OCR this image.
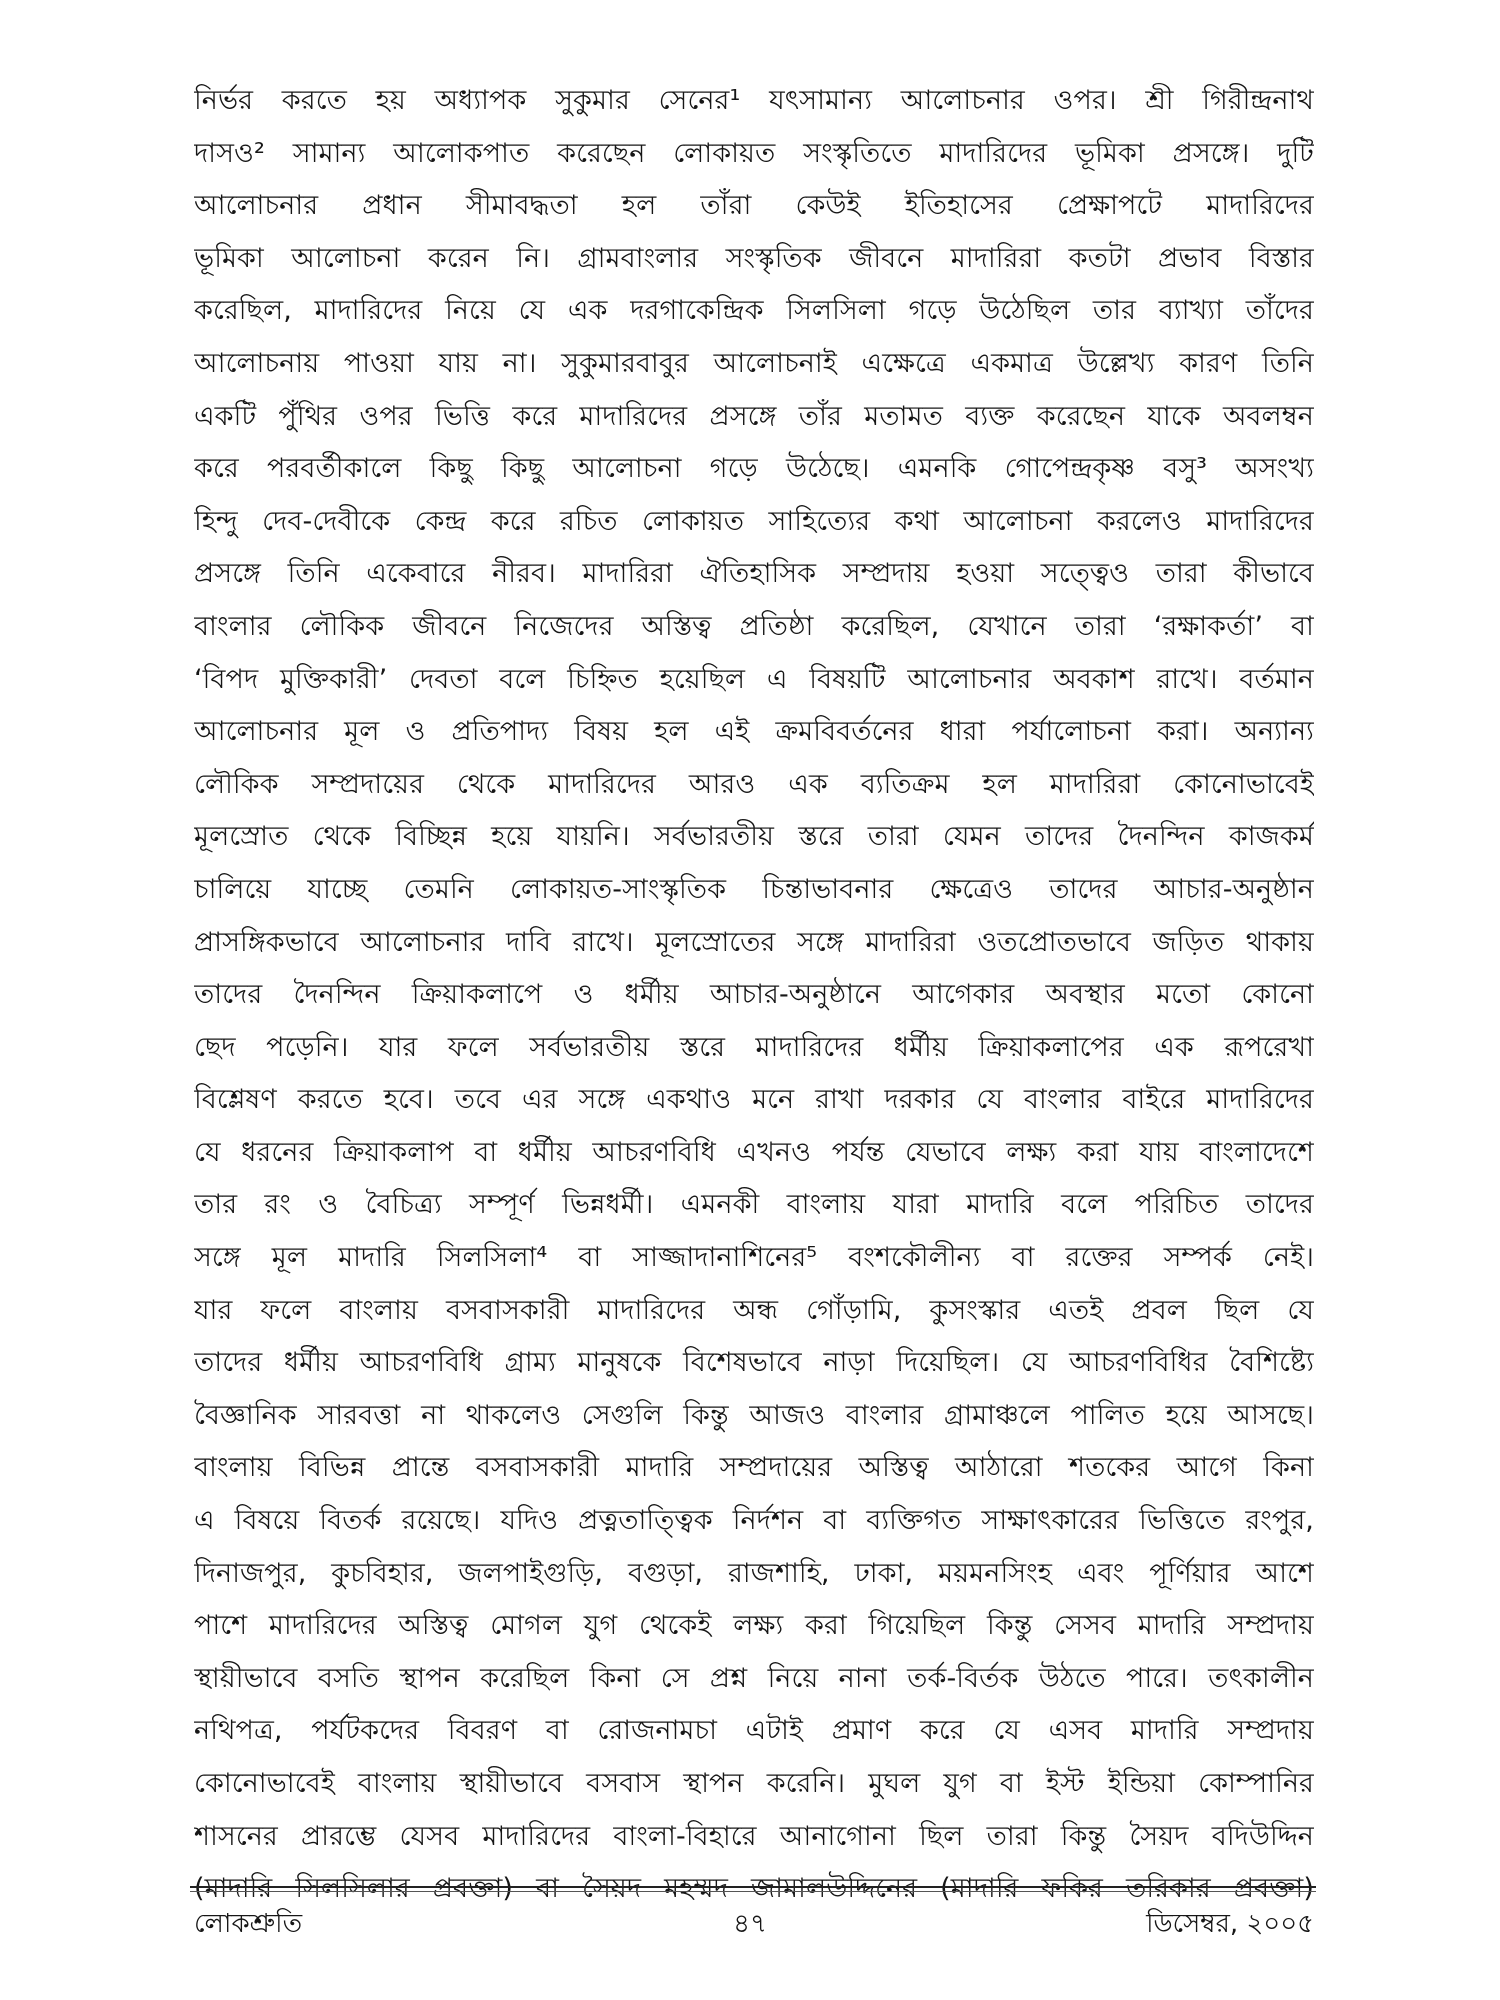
নির্ভর করতে হয় অধ্যাপক সুকুমার সেনের¹ যৎসামান্য আলোচনার ওপর। শ্রী গিরীন্দ্রনাথ
দাসও² সামান্য আলোকপাত করেছেন লোকায়ত সংস্কৃতিতে মাদারিদের ভূমিকা প্রসঙ্গে। দুটি
আলোচনার প্রধান সীমাবদ্ধতা হল তাঁরা কেউই ইতিহাসের প্রেক্ষাপটে মাদারিদের
ভূমিকা আলোচনা করেন নি। গ্রামবাংলার সংস্কৃতিক জীবনে মাদারিরা কতটা প্রভাব বিস্তার
করেছিল, মাদারিদের নিয়ে যে এক দরগাকেন্দ্রিক সিলসিলা গড়ে উঠেছিল তার ব্যাখ্যা তাঁদের
আলোচনায় পাওয়া যায় না। সুকুমারবাবুর আলোচনাই এক্ষেত্রে একমাত্র উল্লেখ্য কারণ তিনি
একটি পুঁথির ওপর ভিত্তি করে মাদারিদের প্রসঙ্গে তাঁর মতামত ব্যক্ত করেছেন যাকে অবলম্বন
করে পরবর্তীকালে কিছু কিছু আলোচনা গড়ে উঠেছে। এমনকি গোপেন্দ্রকৃষ্ণ বসু³ অসংখ্য
হিন্দু দেব-দেবীকে কেন্দ্র করে রচিত লোকায়ত সাহিত্যের কথা আলোচনা করলেও মাদারিদের
প্রসঙ্গে তিনি একেবারে নীরব। মাদারিরা ঐতিহাসিক সম্প্রদায় হওয়া সত্ত্বেও তারা কীভাবে
বাংলার লৌকিক জীবনে নিজেদের অস্তিত্ব প্রতিষ্ঠা করেছিল, যেখানে তারা ‘রক্ষাকর্তা’ বা
‘বিপদ মুক্তিকারী’ দেবতা বলে চিহ্নিত হয়েছিল এ বিষয়টি আলোচনার অবকাশ রাখে। বর্তমান
আলোচনার মূল ও প্রতিপাদ্য বিষয় হল এই ক্রমবিবর্তনের ধারা পর্যালোচনা করা। অন্যান্য
লৌকিক সম্প্রদায়ের থেকে মাদারিদের আরও এক ব্যতিক্রম হল মাদারিরা কোনোভাবেই
মূলস্রোত থেকে বিচ্ছিন্ন হয়ে যায়নি। সর্বভারতীয় স্তরে তারা যেমন তাদের দৈনন্দিন কাজকর্ম
চালিয়ে যাচ্ছে তেমনি লোকায়ত-সাংস্কৃতিক চিন্তাভাবনার ক্ষেত্রেও তাদের আচার-অনুষ্ঠান
প্রাসঙ্গিকভাবে আলোচনার দাবি রাখে। মূলস্রোতের সঙ্গে মাদারিরা ওতপ্রোতভাবে জড়িত থাকায়
তাদের দৈনন্দিন ক্রিয়াকলাপে ও ধর্মীয় আচার-অনুষ্ঠানে আগেকার অবস্থার মতো কোনো
ছেদ পড়েনি। যার ফলে সর্বভারতীয় স্তরে মাদারিদের ধর্মীয় ক্রিয়াকলাপের এক রূপরেখা
বিশ্লেষণ করতে হবে। তবে এর সঙ্গে একথাও মনে রাখা দরকার যে বাংলার বাইরে মাদারিদের
যে ধরনের ক্রিয়াকলাপ বা ধর্মীয় আচরণবিধি এখনও পর্যন্ত যেভাবে লক্ষ্য করা যায় বাংলাদেশে
তার রং ও বৈচিত্র্য সম্পূর্ণ ভিন্নধর্মী। এমনকী বাংলায় যারা মাদারি বলে পরিচিত তাদের
সঙ্গে মূল মাদারি সিলসিলা⁴ বা সাজ্জাদানাশিনের⁵ বংশকৌলীন্য বা রক্তের সম্পর্ক নেই।
যার ফলে বাংলায় বসবাসকারী মাদারিদের অন্ধ গোঁড়ামি, কুসংস্কার এতই প্রবল ছিল যে
তাদের ধর্মীয় আচরণবিধি গ্রাম্য মানুষকে বিশেষভাবে নাড়া দিয়েছিল। যে আচরণবিধির বৈশিষ্ট্যে
বৈজ্ঞানিক সারবত্তা না থাকলেও সেগুলি কিন্তু আজও বাংলার গ্রামাঞ্চলে পালিত হয়ে আসছে।
বাংলায় বিভিন্ন প্রান্তে বসবাসকারী মাদারি সম্প্রদায়ের অস্তিত্ব আঠারো শতকের আগে কিনা
এ বিষয়ে বিতর্ক রয়েছে। যদিও প্রত্নতাত্ত্বিক নির্দশন বা ব্যক্তিগত সাক্ষাৎকারের ভিত্তিতে রংপুর,
দিনাজপুর, কুচবিহার, জলপাইগুড়ি, বগুড়া, রাজশাহি, ঢাকা, ময়মনসিংহ এবং পূর্ণিয়ার আশে
পাশে মাদারিদের অস্তিত্ব মোগল যুগ থেকেই লক্ষ্য করা গিয়েছিল কিন্তু সেসব মাদারি সম্প্রদায়
স্থায়ীভাবে বসতি স্থাপন করেছিল কিনা সে প্রশ্ন নিয়ে নানা তর্ক-বির্তক উঠতে পারে। তৎকালীন
নথিপত্র, পর্যটকদের বিবরণ বা রোজনামচা এটাই প্রমাণ করে যে এসব মাদারি সম্প্রদায়
কোনোভাবেই বাংলায় স্থায়ীভাবে বসবাস স্থাপন করেনি। মুঘল যুগ বা ইস্ট ইন্ডিয়া কোম্পানির
শাসনের প্রারম্ভে যেসব মাদারিদের বাংলা-বিহারে আনাগোনা ছিল তারা কিন্তু সৈয়দ বদিউদ্দিন
(মাদারি সিলসিলার প্রবক্তা) বা সৈয়দ মহম্মদ জামালউদ্দিনের (মাদারি ফকির তরিকার প্রবক্তা)
লোকশ্রুতি	৪৭	ডিসেম্বর, ২০০৫
